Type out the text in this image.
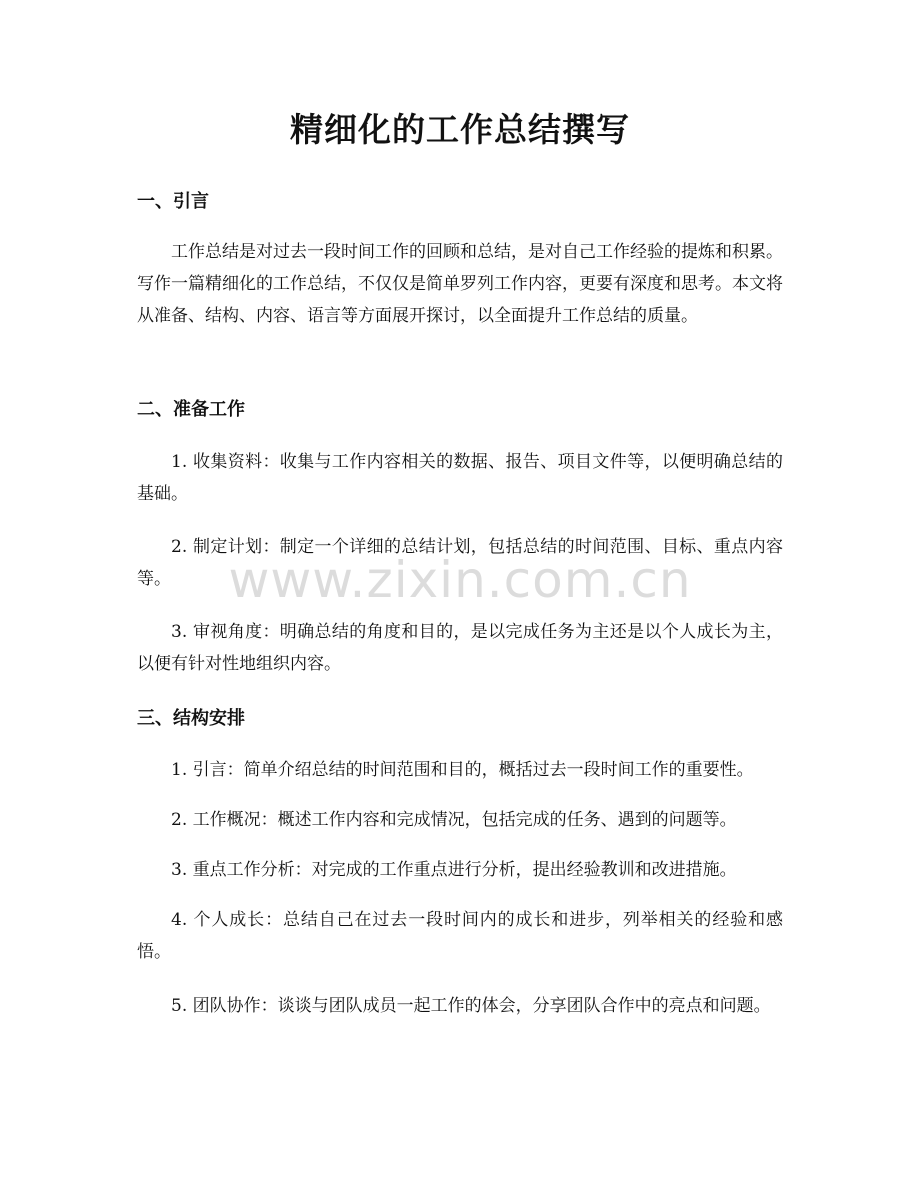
www.zixin.com.cn
精细化的工作总结撰写
一、引言

工作总结是对过去一段时间工作的回顾和总结，是对自己工作经验的提炼和积累。写作一篇精细化的工作总结，不仅仅是简单罗列工作内容，更要有深度和思考。本文将从准备、结构、内容、语言等方面展开探讨，以全面提升工作总结的质量。

二、准备工作

1. 收集资料：收集与工作内容相关的数据、报告、项目文件等，以便明确总结的基础。

2. 制定计划：制定一个详细的总结计划，包括总结的时间范围、目标、重点内容等。

3. 审视角度：明确总结的角度和目的，是以完成任务为主还是以个人成长为主，以便有针对性地组织内容。

三、结构安排

1. 引言：简单介绍总结的时间范围和目的，概括过去一段时间工作的重要性。

2. 工作概况：概述工作内容和完成情况，包括完成的任务、遇到的问题等。

3. 重点工作分析：对完成的工作重点进行分析，提出经验教训和改进措施。

4. 个人成长：总结自己在过去一段时间内的成长和进步，列举相关的经验和感悟。

5. 团队协作：谈谈与团队成员一起工作的体会，分享团队合作中的亮点和问题。
